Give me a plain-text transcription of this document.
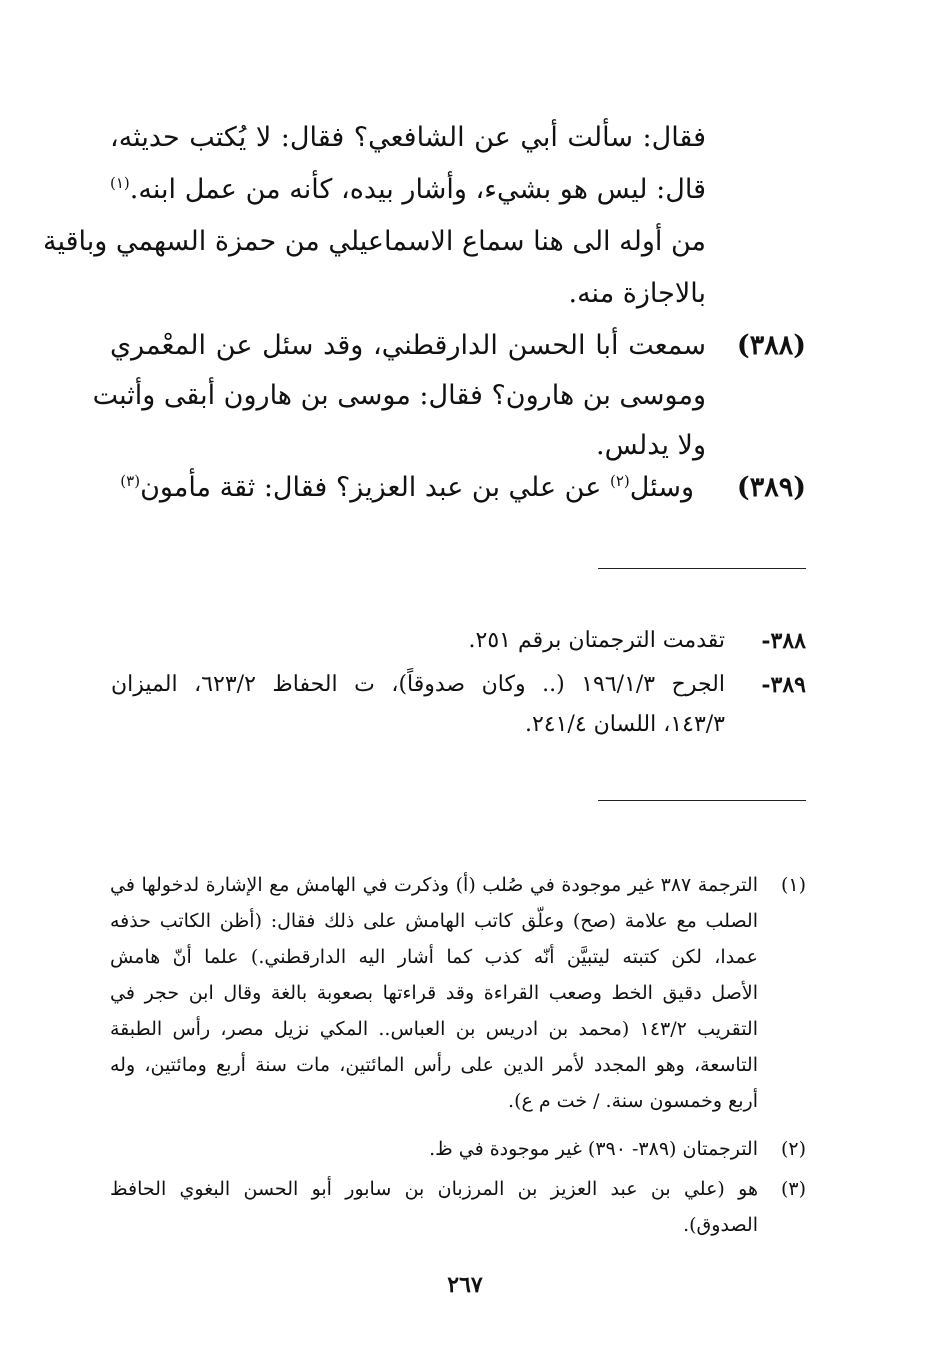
فقال: سألت أبي عن الشافعي؟ فقال: لا يُكتب حديثه،
قال: ليس هو بشيء، وأشار بيده، كأنه من عمل ابنه.$^{(١)}$
من أوله الى هنا سماع الاسماعيلي من حمزة السهمي وباقية
بالاجازة منه.
(٣٨٨)
سمعت أبا الحسن الدارقطني، وقد سئل عن المعْمري
وموسى بن هارون؟ فقال: موسى بن هارون أبقى وأثبت
ولا يدلس.
(٣٨٩)
وسئل$^{(٢)}$ عن علي بن عبد العزيز؟ فقال: ثقة مأمون$^{(٣)}$
٣٨٨-
تقدمت الترجمتان برقم ٢٥١.
٣٨٩-
الجرح ١٩٦/١/٣ (.. وكان صدوقاً)، ت الحفاظ ٦٢٣/٢، الميزان
١٤٣/٣، اللسان ٢٤١/٤.
(١)
الترجمة ٣٨٧ غير موجودة في صُلب (أ) وذكرت في الهامش مع الإشارة لدخولها في
الصلب مع علامة (صح) وعلّق كاتب الهامش على ذلك فقال: (أظن الكاتب حذفه
عمدا، لكن كتبته ليتبيَّن أنّه كذب كما أشار اليه الدارقطني.) علما أنّ هامش
الأصل دقيق الخط وصعب القراءة وقد قراءتها بصعوبة بالغة وقال ابن حجر في
التقريب ١٤٣/٢ (محمد بن ادريس بن العباس.. المكي نزيل مصر، رأس الطبقة
التاسعة، وهو المجدد لأمر الدين على رأس المائتين، مات سنة أربع ومائتين، وله
أربع وخمسون سنة. / خت م ع).
(٢)
الترجمتان (٣٨٩- ٣٩٠) غير موجودة في ظ.
(٣)
هو (علي بن عبد العزيز بن المرزبان بن سابور أبو الحسن البغوي الحافظ
الصدوق).
٢٦٧
